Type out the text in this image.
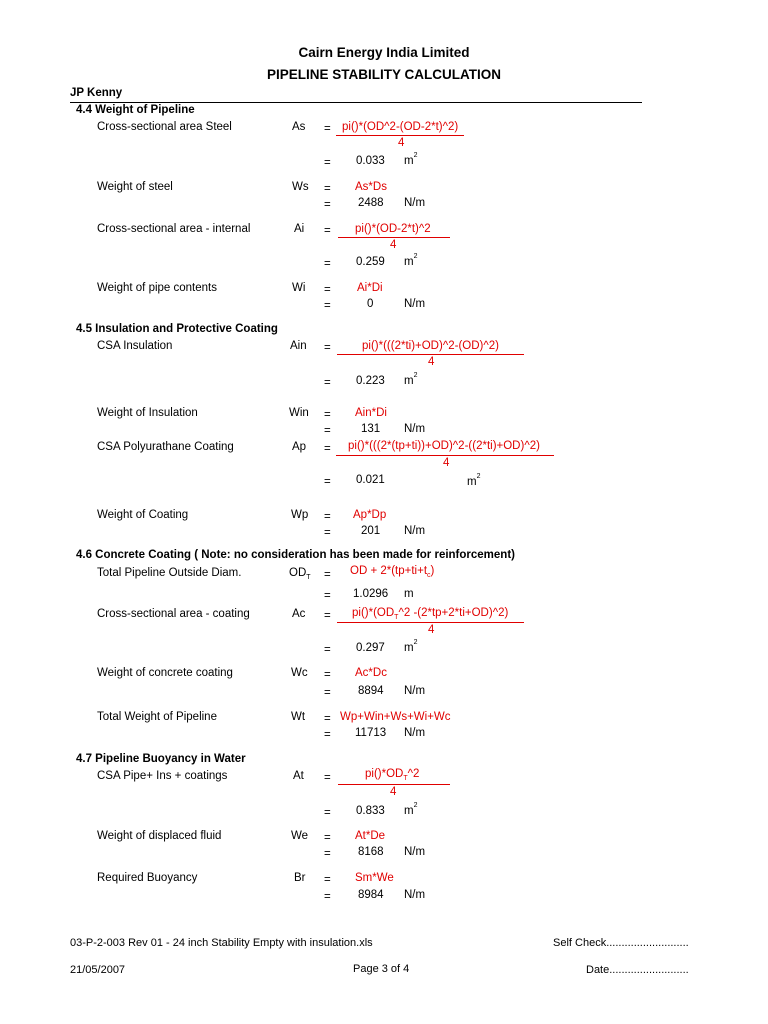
Cairn Energy India Limited
PIPELINE STABILITY CALCULATION
JP Kenny
4.4 Weight of Pipeline
Cross-sectional area Steel	As = pi()*(OD^2-(OD-2*t)^2)
4
= 0.033 $m^2$
Weight of steel	Ws = As*Ds
= 2488 N/m
Cross-sectional area - internal	Ai = pi()*(OD-2*t)^2
4
= 0.259 $m^2$
Weight of pipe contents	Wi = Ai*Di
=	0	N/m
4.5 Insulation and Protective Coating
CSA Insulation	Ain =	pi()*(((2*ti)+OD)^2-(OD)^2)
4
= 0.223 $m^2$
Weight of Insulation	Win = Ain*Di
=	131 N/m
CSA Polyurathane Coating	Ap = pi()*(((2*(tp+ti))+OD)^2-((2*ti)+OD)^2)
4
= 0.021	$m^2$
Weight of Coating	Wp = Ap*Dp
=	201 N/m
4.6 Concrete Coating ( Note: no consideration has been made for reinforcement)
Total Pipeline Outside Diam.	$OD_T$ = OD + $2*(tp+ti+t_c)$
= 1.0296 m
Cross-sectional area - coating	$Ac = pi()*(OD_T\^{}2$ -(2*tp+2*ti+OD)^2)
4
= 0.297 $m^2$
Weight of concrete coating	Wc = Ac*Dc
= 8894 N/m
Total Weight of Pipeline	Wt = Wp+Win+Ws+Wi+Wc
= 11713 N/m
4.7 Pipeline Buoyancy in Water
CSA Pipe+ Ins + coatings	At =	$pi()*OD_T\^{}2$
4
= 0.833 $m^2$
Weight of displaced fluid	We = At*De
= 8168 N/m
Required Buoyancy	Br = Sm*We
= 8984 N/m
03-P-2-003 Rev 01 - 24 inch Stability Empty with insulation.xls	Self Check...........................
21/05/2007	Page 3 of 4	Date..........................
